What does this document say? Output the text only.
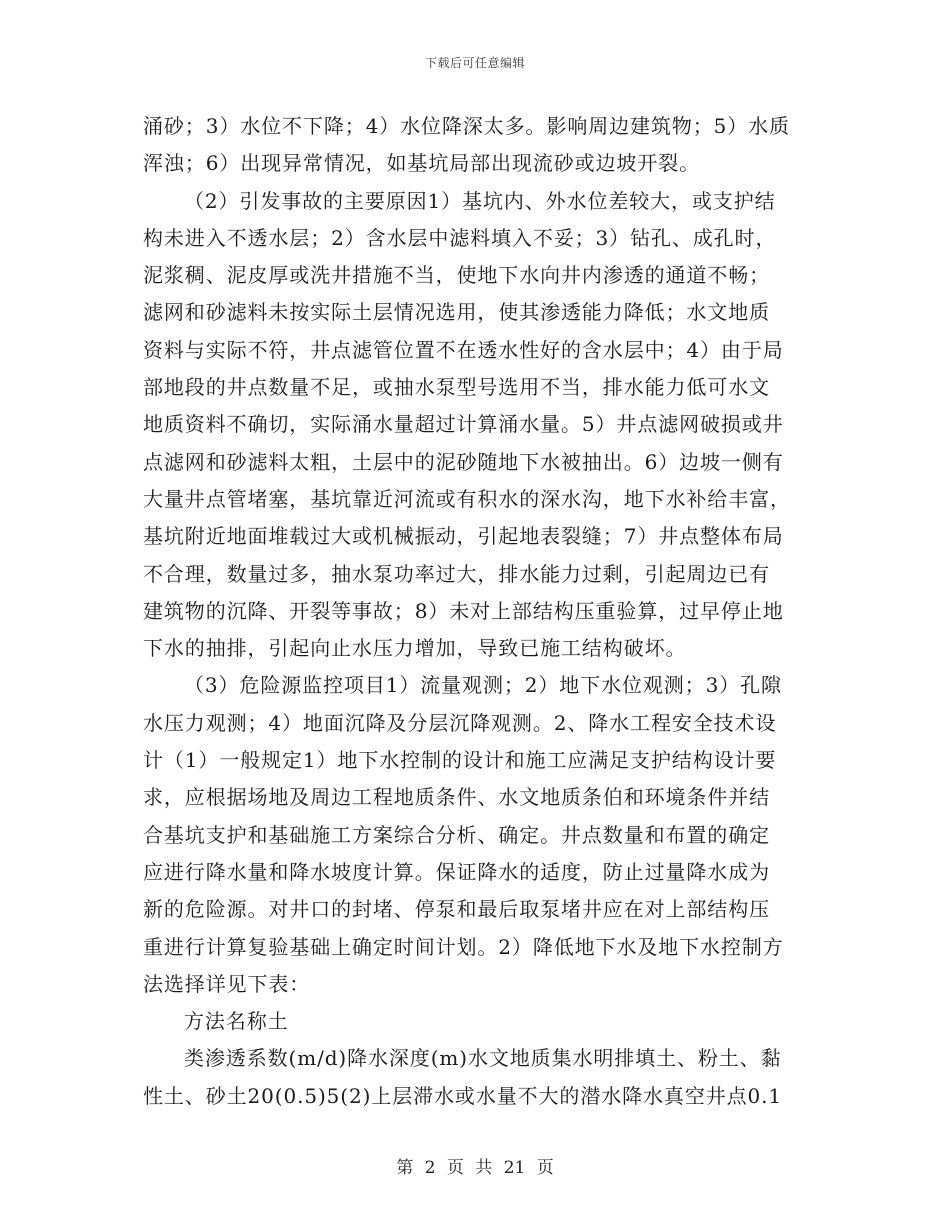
下载后可任意编辑
涌砂；3）水位不下降；4）水位降深太多。影响周边建筑物；5）水质
浑浊；6）出现异常情况，如基坑局部出现流砂或边坡开裂。
（2）引发事故的主要原因1）基坑内、外水位差较大，或支护结
构未进入不透水层；2）含水层中滤料填入不妥；3）钻孔、成孔时，
泥浆稠、泥皮厚或洗井措施不当，使地下水向井内渗透的通道不畅；
滤网和砂滤料未按实际土层情况选用，使其渗透能力降低；水文地质
资料与实际不符，井点滤管位置不在透水性好的含水层中；4）由于局
部地段的井点数量不足，或抽水泵型号选用不当，排水能力低可水文
地质资料不确切，实际涌水量超过计算涌水量。5）井点滤网破损或井
点滤网和砂滤料太粗，土层中的泥砂随地下水被抽出。6）边坡一侧有
大量井点管堵塞，基坑靠近河流或有积水的深水沟，地下水补给丰富，
基坑附近地面堆载过大或机械振动，引起地表裂缝；7）井点整体布局
不合理，数量过多，抽水泵功率过大，排水能力过剩，引起周边已有
建筑物的沉降、开裂等事故；8）未对上部结构压重验算，过早停止地
下水的抽排，引起向止水压力增加，导致已施工结构破坏。
（3）危险源监控项目1）流量观测；2）地下水位观测；3）孔隙
水压力观测；4）地面沉降及分层沉降观测。2、降水工程安全技术设
计（1）一般规定1）地下水控制的设计和施工应满足支护结构设计要
求，应根据场地及周边工程地质条件、水文地质条伯和环境条件并结
合基坑支护和基础施工方案综合分析、确定。井点数量和布置的确定
应进行降水量和降水坡度计算。保证降水的适度，防止过量降水成为
新的危险源。对井口的封堵、停泵和最后取泵堵井应在对上部结构压
重进行计算复验基础上确定时间计划。2）降低地下水及地下水控制方
法选择详见下表：
方法名称土
类渗透系数(m/d)降水深度(m)水文地质集水明排填土、粉土、黏
性土、砂土20(0.5)5(2)上层滞水或水量不大的潜水降水真空井点0.1
第 2 页 共 21 页
